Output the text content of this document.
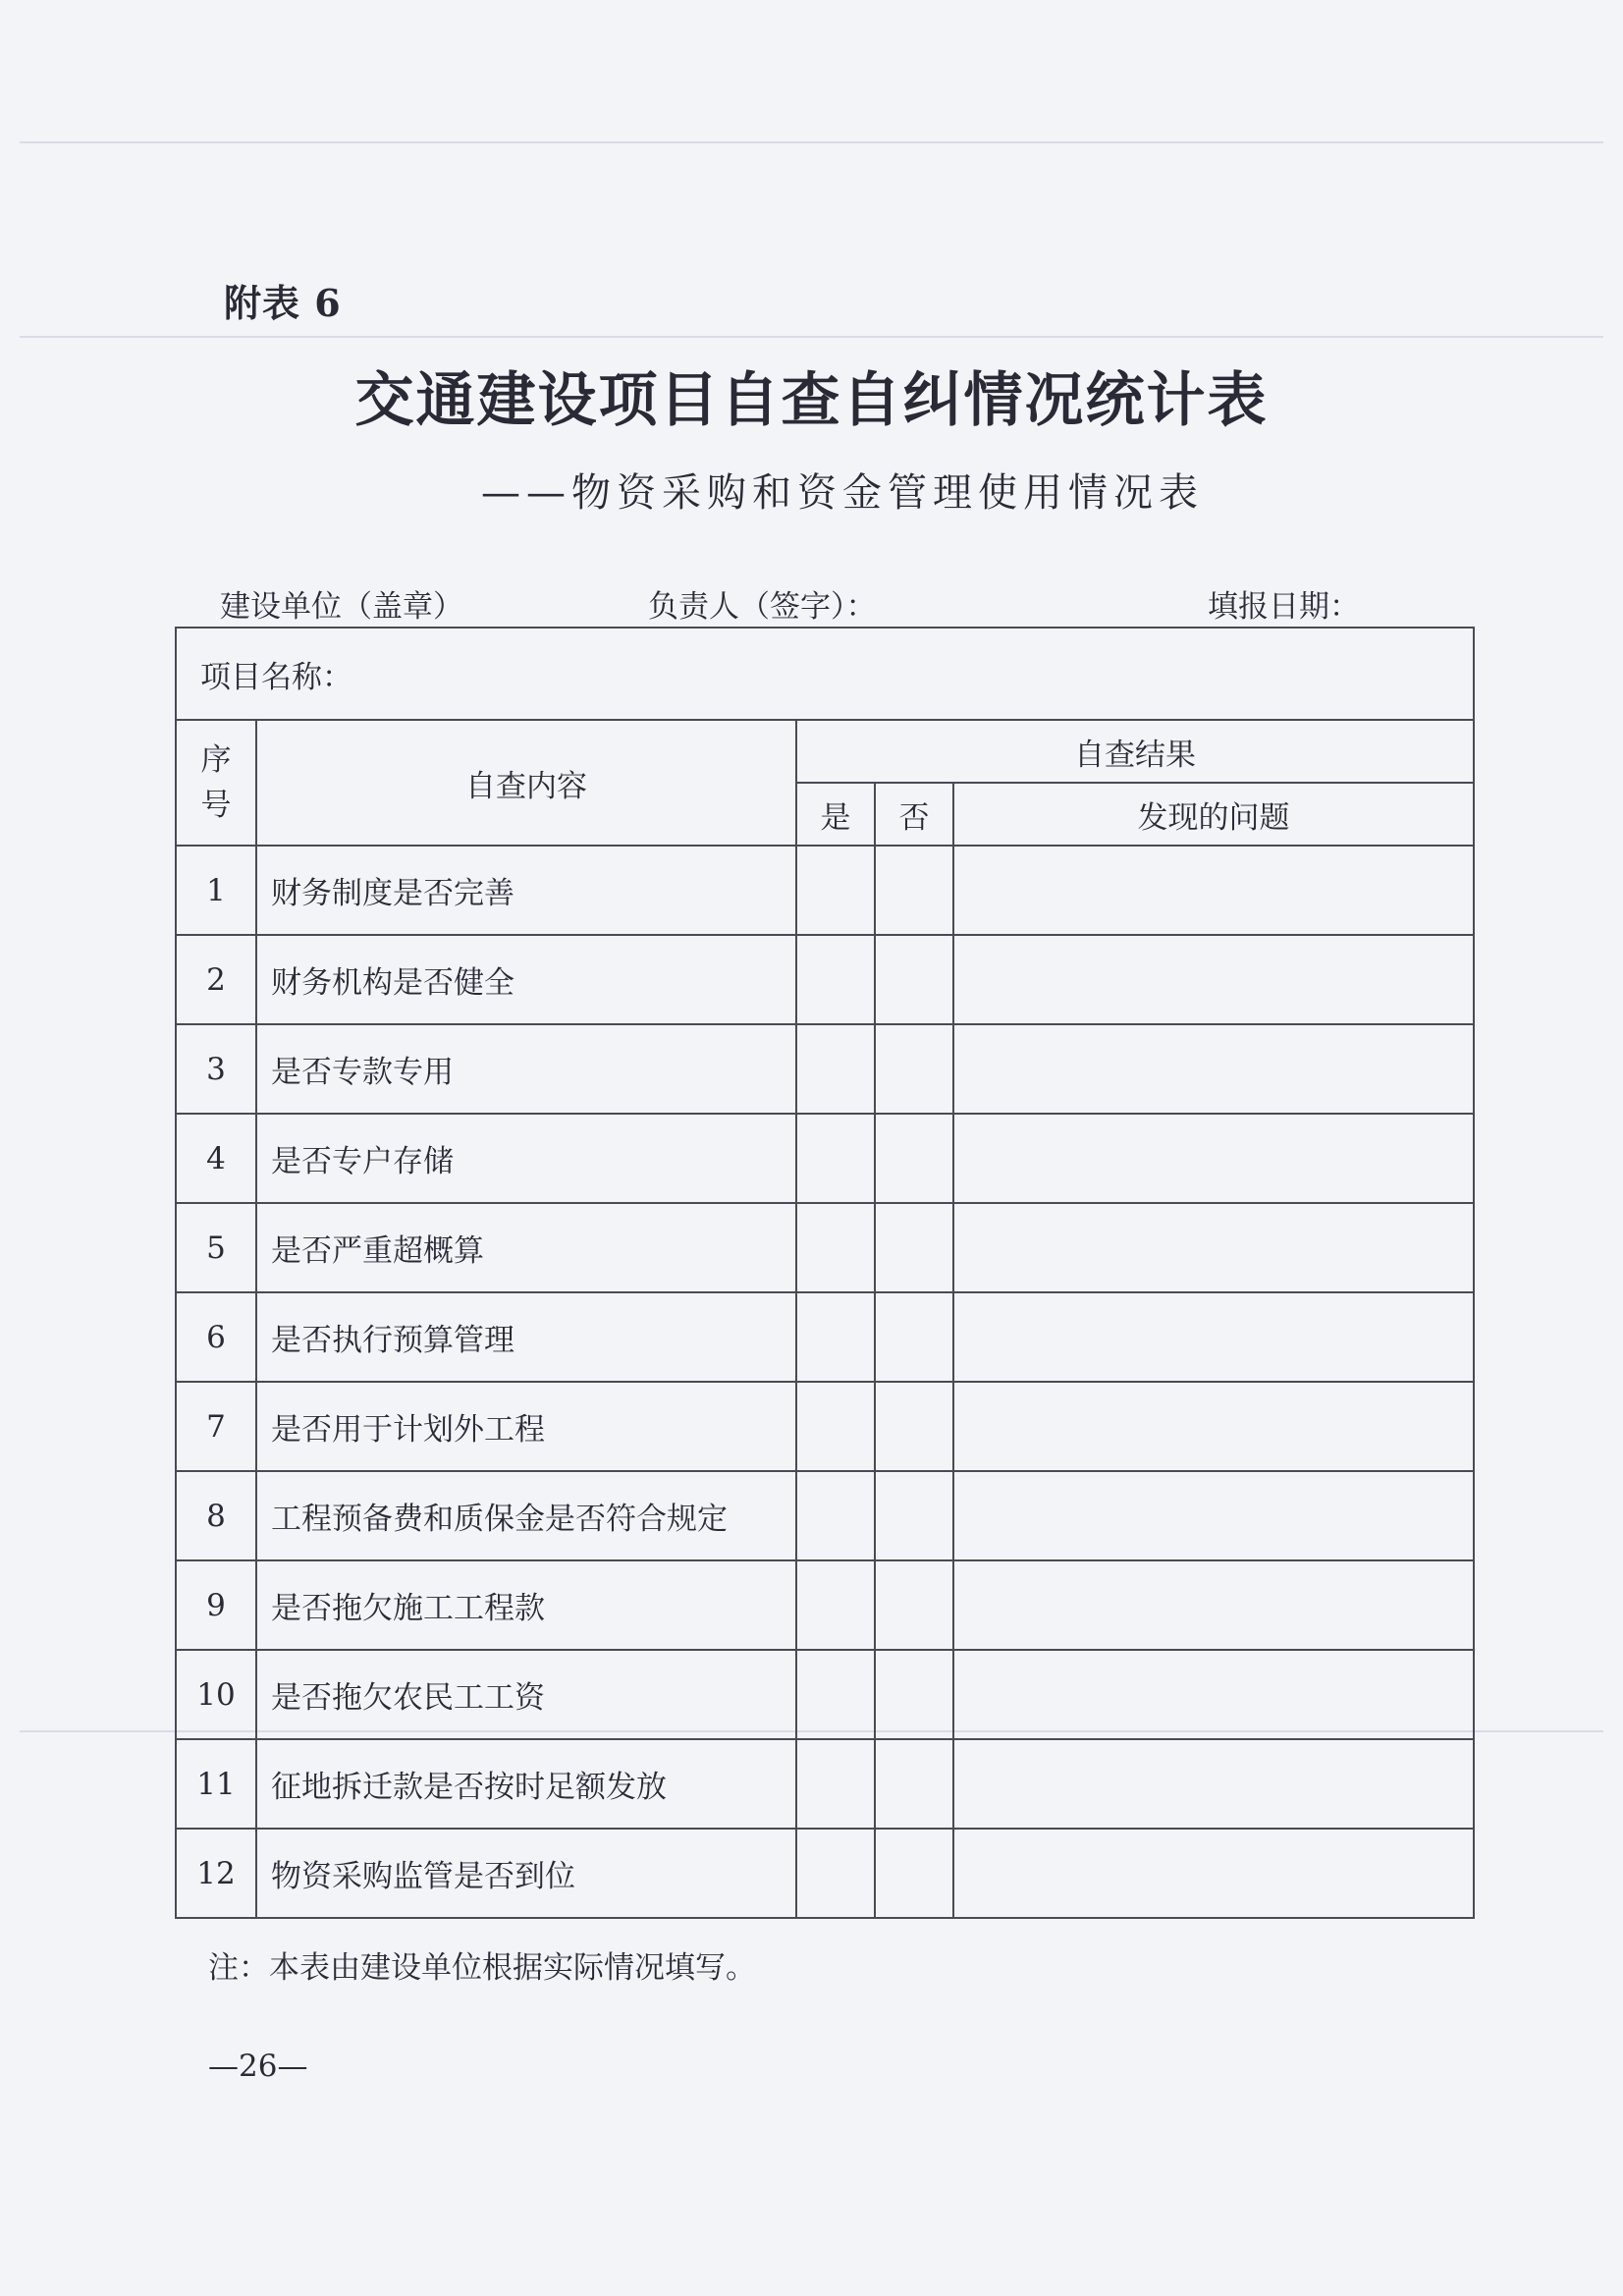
附表 6
交通建设项目自查自纠情况统计表
——物资采购和资金管理使用情况表
建设单位（盖章）	负责人（签字）：	填报日期：
项目名称：				
序号	自查内容	自查结果		
		是	否	发现的问题
1	财务制度是否完善			
2	财务机构是否健全			
3	是否专款专用			
4	是否专户存储			
5	是否严重超概算			
6	是否执行预算管理			
7	是否用于计划外工程			
8	工程预备费和质保金是否符合规定			
9	是否拖欠施工工程款			
10	是否拖欠农民工工资			
11	征地拆迁款是否按时足额发放			
12	物资采购监管是否到位			
注：本表由建设单位根据实际情况填写。
—26—
